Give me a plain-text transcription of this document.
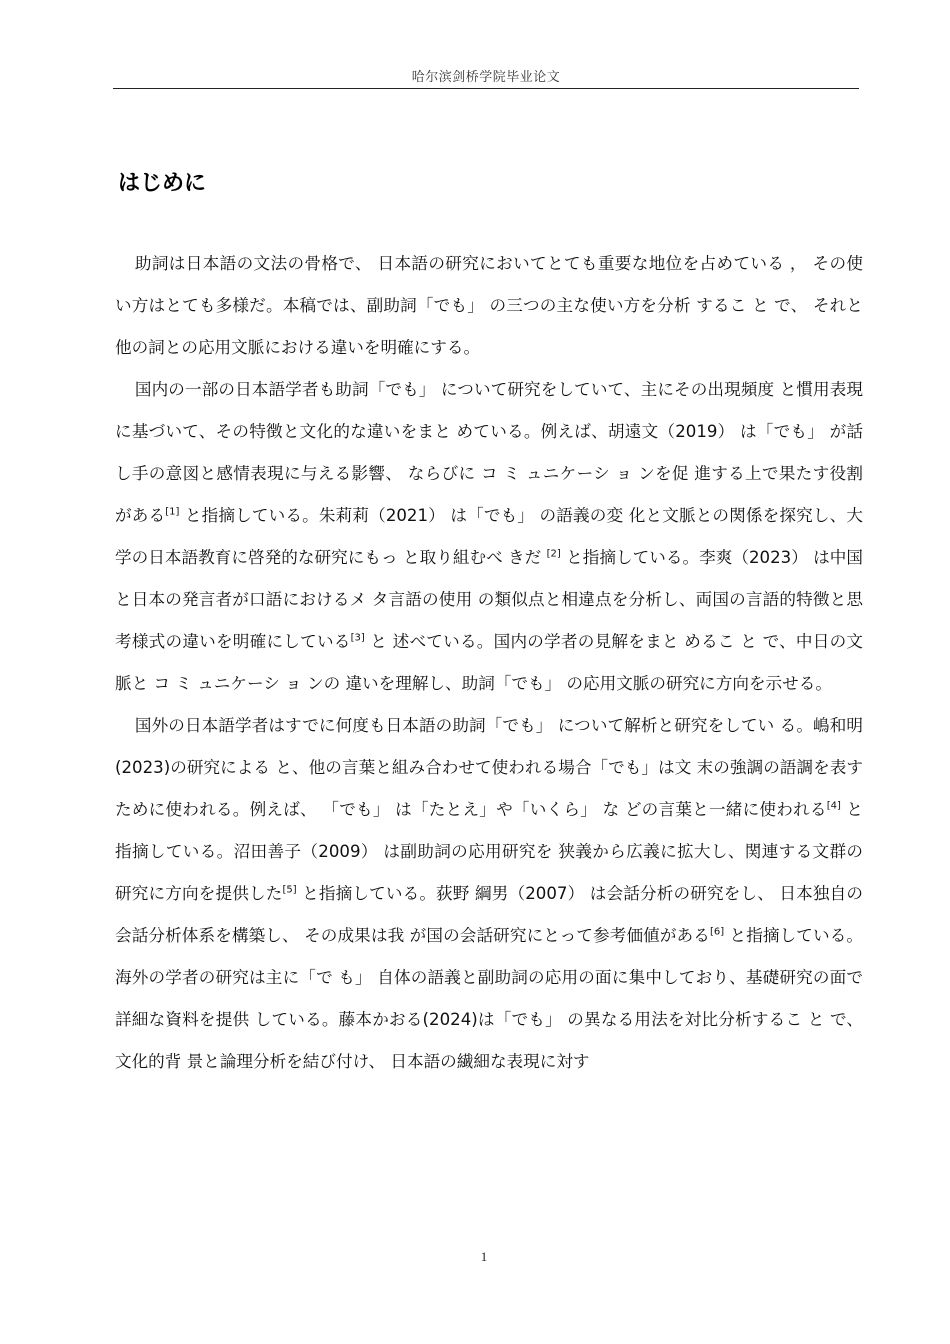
哈尔滨剑桥学院毕业论文
はじめに

助詞は日本語の文法の骨格で、 日本語の研究においてとても重要な地位を占めている ， その使い方はとても多様だ。本稿では、副助詞「でも」 の三つの主な使い方を分析 するこ と で、 それと他の詞との応用文脈における違いを明確にする。

国内の一部の日本語学者も助詞「でも」 について研究をしていて、主にその出現頻度 と慣用表現に基づいて、その特徴と文化的な違いをまと めている。例えば、胡遠文（2019） は「でも」 が話し手の意図と感情表現に与える影響、 ならびに コ ミ ュニケーシ ョ ンを促 進する上で果たす役割がある[1] と指摘している。朱莉莉（2021） は「でも」 の語義の変 化と文脈との関係を探究し、大学の日本語教育に啓発的な研究にもっ と取り組むべ きだ [2] と指摘している。李爽（2023） は中国と日本の発言者が口語におけるメ タ言語の使用 の類似点と相違点を分析し、両国の言語的特徴と思考様式の違いを明確にしている[3] と 述べている。国内の学者の見解をまと めるこ と で、中日の文脈と コ ミ ュニケーシ ョ ンの 違いを理解し、助詞「でも」 の応用文脈の研究に方向を示せる。

国外の日本語学者はすでに何度も日本語の助詞「でも」 について解析と研究をしてい る。嶋和明(2023)の研究による と、他の言葉と組み合わせて使われる場合「でも」は文 末の強調の語調を表すために使われる。例えば、 「でも」 は「たとえ」や「いくら」 な どの言葉と一緒に使われる[4] と指摘している。沼田善子（2009） は副助詞の応用研究を 狭義から広義に拡大し、関連する文群の研究に方向を提供した[5] と指摘している。荻野 綱男（2007） は会話分析の研究をし、 日本独自の会話分析体系を構築し、 その成果は我 が国の会話研究にとって参考価値がある[6] と指摘している。海外の学者の研究は主に「で も」 自体の語義と副助詞の応用の面に集中しており、基礎研究の面で詳細な資料を提供 している。藤本かおる(2024)は「でも」 の異なる用法を対比分析するこ と で、文化的背 景と論理分析を結び付け、 日本語の繊細な表現に対す

1
